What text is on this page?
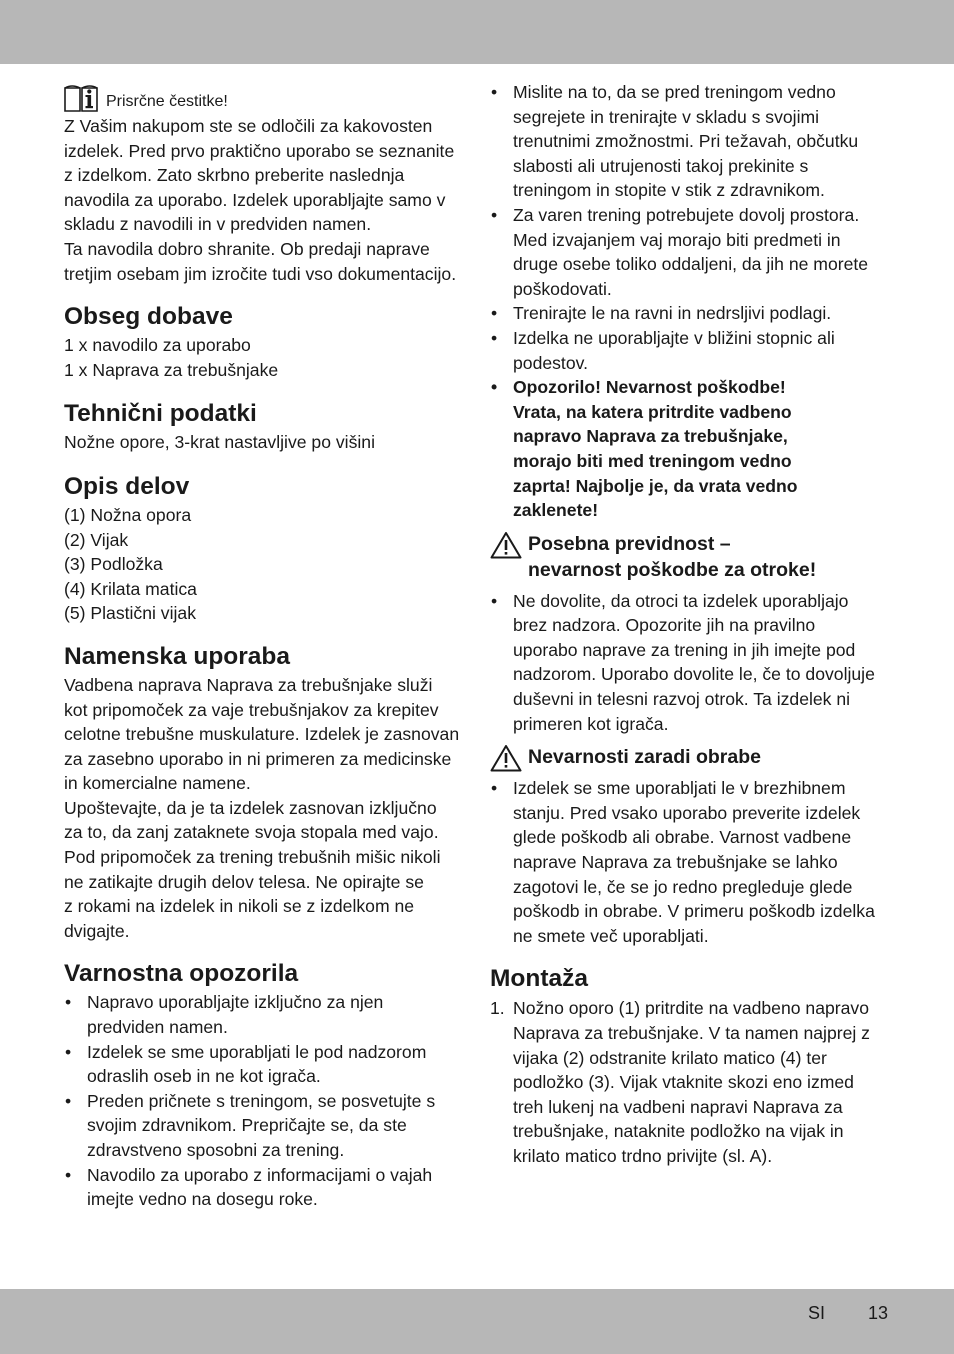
Prisrčne čestitke!

Z Vašim nakupom ste se odločili za kakovosten

izdelek. Pred prvo praktično uporabo se seznanite

z izdelkom. Zato skrbno preberite naslednja

navodila za uporabo. Izdelek uporabljajte samo v

skladu z navodili in v predviden namen.

Ta navodila dobro shranite. Ob predaji naprave

tretjim osebam jim izročite tudi vso dokumentacijo.

Obseg dobave

1 x navodilo za uporabo

1 x Naprava za trebušnjake

Tehnični podatki

Nožne opore, 3-krat nastavljive po višini

Opis delov

(1) Nožna opora

(2) Vijak

(3) Podložka

(4) Krilata matica

(5) Plastični vijak

Namenska uporaba

Vadbena naprava Naprava za trebušnjake služi

kot pripomoček za vaje trebušnjakov za krepitev

celotne trebušne muskulature. Izdelek je zasnovan

za zasebno uporabo in ni primeren za medicinske

in komercialne namene.

Upoštevajte, da je ta izdelek zasnovan izključno

za to, da zanj zataknete svoja stopala med vajo.

Pod pripomoček za trening trebušnih mišic nikoli

ne zatikajte drugih delov telesa. Ne opirajte se

z rokami na izdelek in nikoli se z izdelkom ne

dvigajte.

Varnostna opozorila
• Napravo uporabljajte izključno za njen
predviden namen.
• Izdelek se sme uporabljati le pod nadzorom
odraslih oseb in ne kot igrača.
• Preden pričnete s treningom, se posvetujte s
svojim zdravnikom. Prepričajte se, da ste
zdravstveno sposobni za trening.
• Navodilo za uporabo z informacijami o vajah
imejte vedno na dosegu roke.
• Mislite na to, da se pred treningom vedno
segrejete in trenirajte v skladu s svojimi
trenutnimi zmožnostmi. Pri težavah, občutku
slabosti ali utrujenosti takoj prekinite s
treningom in stopite v stik z zdravnikom.
• Za varen trening potrebujete dovolj prostora.
Med izvajanjem vaj morajo biti predmeti in
druge osebe toliko oddaljeni, da jih ne morete
poškodovati.
• Trenirajte le na ravni in nedrsljivi podlagi.
• Izdelka ne uporabljajte v bližini stopnic ali
podestov.
• Opozorilo! Nevarnost poškodbe!
Vrata, na katera pritrdite vadbeno
napravo Naprava za trebušnjake,
morajo biti med treningom vedno
zaprta! Najbolje je, da vrata vedno
zaklenete!
Posebna previdnost –
nevarnost poškodbe za otroke!
• Ne dovolite, da otroci ta izdelek uporabljajo
brez nadzora. Opozorite jih na pravilno
uporabo naprave za trening in jih imejte pod
nadzorom. Uporabo dovolite le, če to dovoljuje
duševni in telesni razvoj otrok. Ta izdelek ni
primeren kot igrača.
Nevarnosti zaradi obrabe
• Izdelek se sme uporabljati le v brezhibnem
stanju. Pred vsako uporabo preverite izdelek
glede poškodb ali obrabe. Varnost vadbene
naprave Naprava za trebušnjake se lahko
zagotovi le, če se jo redno pregleduje glede
poškodb in obrabe. V primeru poškodb izdelka
ne smete več uporabljati.
Montaža
1. Nožno oporo (1) pritrdite na vadbeno napravo
Naprava za trebušnjake. V ta namen najprej z
vijaka (2) odstranite krilato matico (4) ter
podložko (3). Vijak vtaknite skozi eno izmed
treh lukenj na vadbeni napravi Naprava za
trebušnjake, nataknite podložko na vijak in
krilato matico trdno privijte (sl. A).
SI 13
